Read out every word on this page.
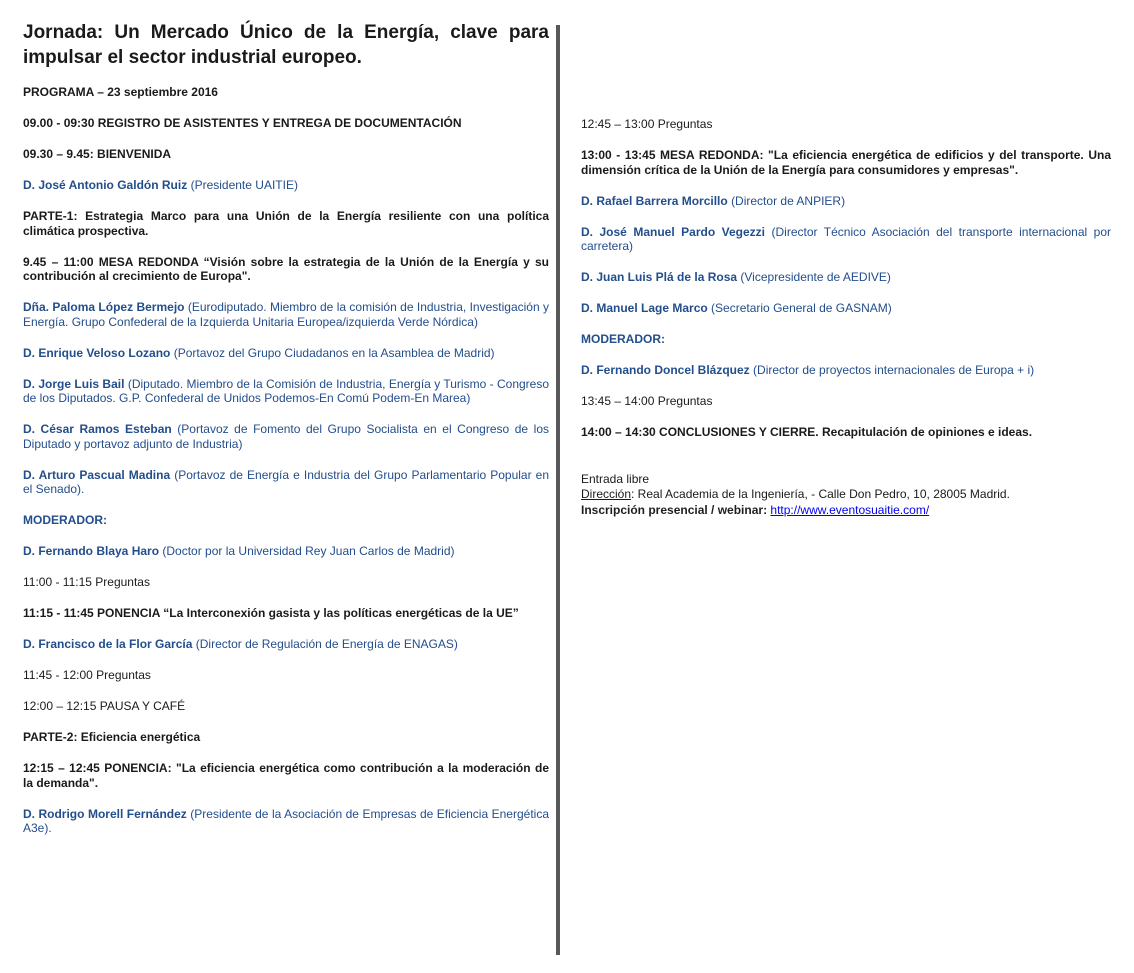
Jornada: Un Mercado Único de la Energía, clave para impulsar el sector industrial europeo.

PROGRAMA – 23 septiembre 2016

09.00 - 09:30 REGISTRO DE ASISTENTES Y ENTREGA DE DOCUMENTACIÓN

09.30 – 9.45: BIENVENIDA

D. José Antonio Galdón Ruiz (Presidente UAITIE)

PARTE-1: Estrategia Marco para una Unión de la Energía resiliente con una política climática prospectiva.

9.45 – 11:00 MESA REDONDA “Visión sobre la estrategia de la Unión de la Energía y su contribución al crecimiento de Europa".

Dña. Paloma López Bermejo (Eurodiputado. Miembro de la comisión de Industria, Investigación y Energía. Grupo Confederal de la Izquierda Unitaria Europea/izquierda Verde Nórdica)

D. Enrique Veloso Lozano (Portavoz del Grupo Ciudadanos en la Asamblea de Madrid)

D. Jorge Luis Bail (Diputado. Miembro de la Comisión de Industria, Energía y Turismo - Congreso de los Diputados. G.P. Confederal de Unidos Podemos-En Comú Podem-En Marea)

D. César Ramos Esteban (Portavoz de Fomento del Grupo Socialista en el Congreso de los Diputado y portavoz adjunto de Industria)

D. Arturo Pascual Madina (Portavoz de Energía e Industria del Grupo Parlamentario Popular en el Senado).

MODERADOR:

D. Fernando Blaya Haro (Doctor por la Universidad Rey Juan Carlos de Madrid)

11:00 - 11:15 Preguntas

11:15 - 11:45 PONENCIA “La Interconexión gasista y las políticas energéticas de la UE”

D. Francisco de la Flor García (Director de Regulación de Energía de ENAGAS)

11:45 - 12:00 Preguntas

12:00 – 12:15 PAUSA Y CAFÉ

PARTE-2: Eficiencia energética

12:15 – 12:45 PONENCIA: "La eficiencia energética como contribución a la moderación de la demanda".

D. Rodrigo Morell Fernández (Presidente de la Asociación de Empresas de Eficiencia Energética A3e).

12:45 – 13:00 Preguntas

13:00 - 13:45 MESA REDONDA: "La eficiencia energética de edificios y del transporte. Una dimensión crítica de la Unión de la Energía para consumidores y empresas".

D. Rafael Barrera Morcillo (Director de ANPIER)

D. José Manuel Pardo Vegezzi (Director Técnico Asociación del transporte internacional por carretera)

D. Juan Luis Plá de la Rosa (Vicepresidente de AEDIVE)

D. Manuel Lage Marco (Secretario General de GASNAM)

MODERADOR:

D. Fernando Doncel Blázquez (Director de proyectos internacionales de Europa + i)

13:45 – 14:00 Preguntas

14:00 – 14:30 CONCLUSIONES Y CIERRE. Recapitulación de opiniones e ideas.

Entrada libre

Dirección: Real Academia de la Ingeniería, - Calle Don Pedro, 10, 28005 Madrid.

Inscripción presencial / webinar: http://www.eventosuaitie.com/
